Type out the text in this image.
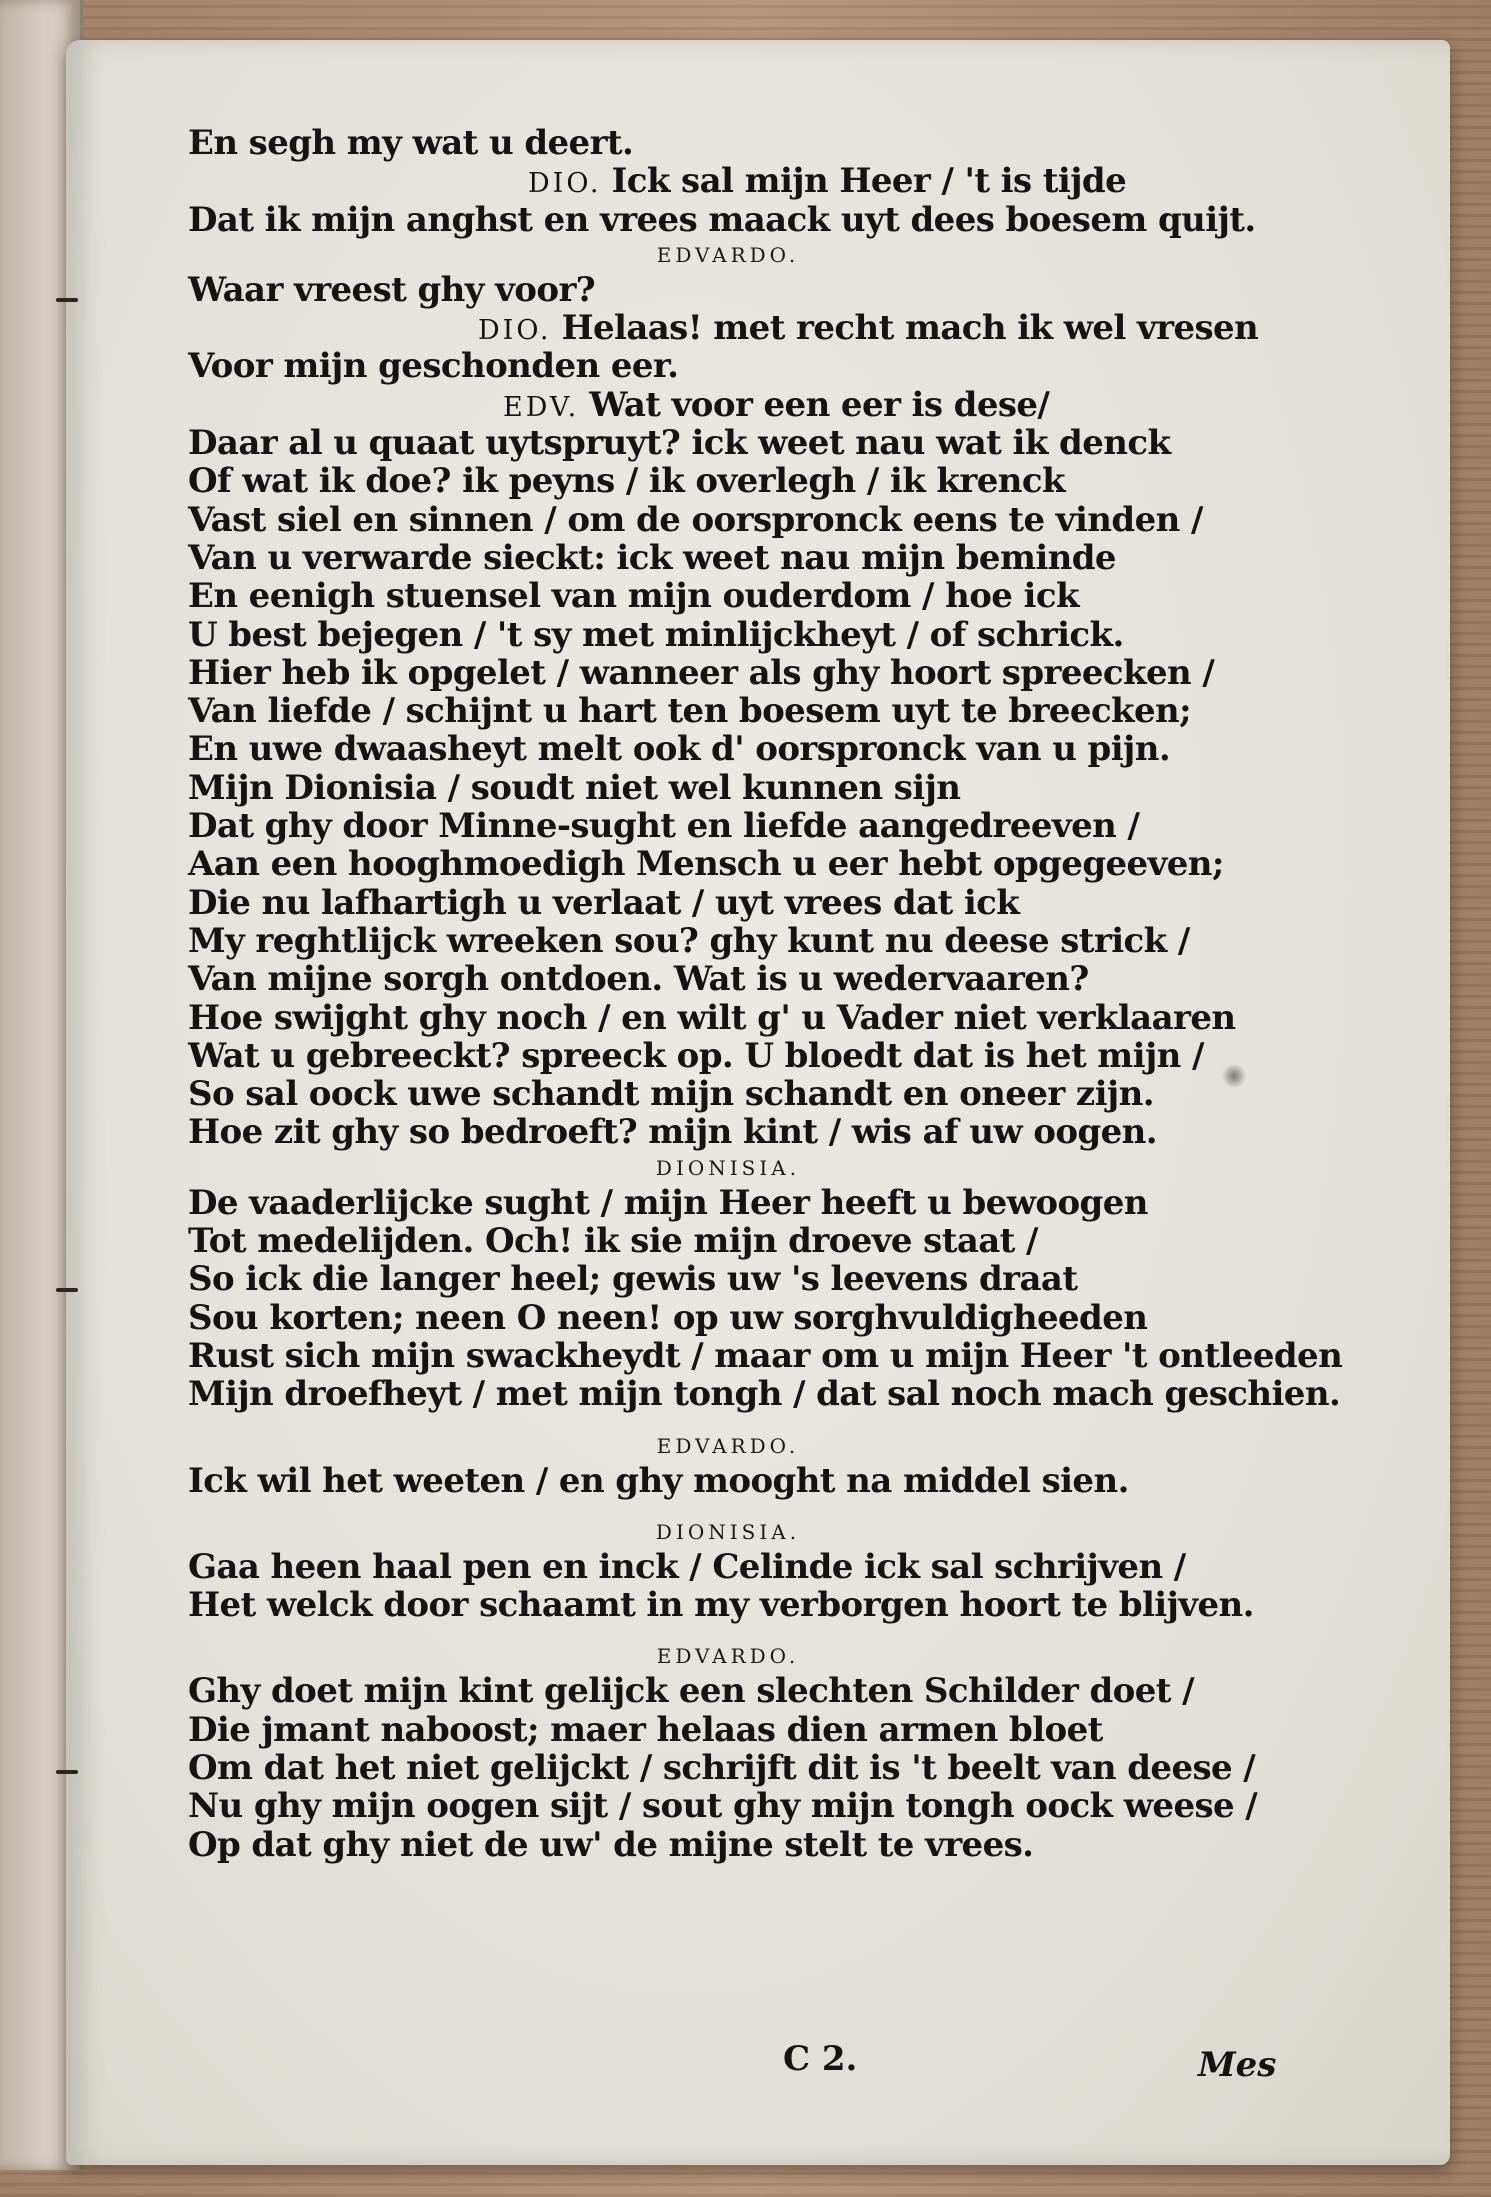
En segh my wat u deert.
DIO. Ick sal mijn Heer / 't is tijde
Dat ik mijn anghst en vrees maack uyt dees boesem quijt.
EDVARDO.
Waar vreest ghy voor?
DIO. Helaas! met recht mach ik wel vresen
Voor mijn geschonden eer.
EDV. Wat voor een eer is dese/
Daar al u quaat uytspruyt? ick weet nau wat ik denck
Of wat ik doe? ik peyns / ik overlegh / ik krenck
Vast siel en sinnen / om de oorspronck eens te vinden /
Van u verwarde sieckt: ick weet nau mijn beminde
En eenigh stuensel van mijn ouderdom / hoe ick
U best bejegen / 't sy met minlijckheyt / of schrick.
Hier heb ik opgelet / wanneer als ghy hoort spreecken /
Van liefde / schijnt u hart ten boesem uyt te breecken;
En uwe dwaasheyt melt ook d' oorspronck van u pijn.
Mijn Dionisia / soudt niet wel kunnen sijn
Dat ghy door Minne-sught en liefde aangedreeven /
Aan een hooghmoedigh Mensch u eer hebt opgegeeven;
Die nu lafhartigh u verlaat / uyt vrees dat ick
My reghtlijck wreeken sou? ghy kunt nu deese strick /
Van mijne sorgh ontdoen. Wat is u wedervaaren?
Hoe swijght ghy noch / en wilt g' u Vader niet verklaaren
Wat u gebreeckt? spreeck op. U bloedt dat is het mijn /
So sal oock uwe schandt mijn schandt en oneer zijn.
Hoe zit ghy so bedroeft? mijn kint / wis af uw oogen.
DIONISIA.
De vaaderlijcke sught / mijn Heer heeft u bewoogen
Tot medelijden. Och! ik sie mijn droeve staat /
So ick die langer heel; gewis uw 's leevens draat
Sou korten; neen O neen! op uw sorghvuldigheeden
Rust sich mijn swackheydt / maar om u mijn Heer 't ontleeden
Mijn droefheyt / met mijn tongh / dat sal noch mach geschien.
EDVARDO.
Ick wil het weeten / en ghy mooght na middel sien.
DIONISIA.
Gaa heen haal pen en inck / Celinde ick sal schrijven /
Het welck door schaamt in my verborgen hoort te blijven.
EDVARDO.
Ghy doet mijn kint gelijck een slechten Schilder doet /
Die jmant naboost; maer helaas dien armen bloet
Om dat het niet gelijckt / schrijft dit is 't beelt van deese /
Nu ghy mijn oogen sijt / sout ghy mijn tongh oock weese /
Op dat ghy niet de uw' de mijne stelt te vrees.
C 2.	Mes
